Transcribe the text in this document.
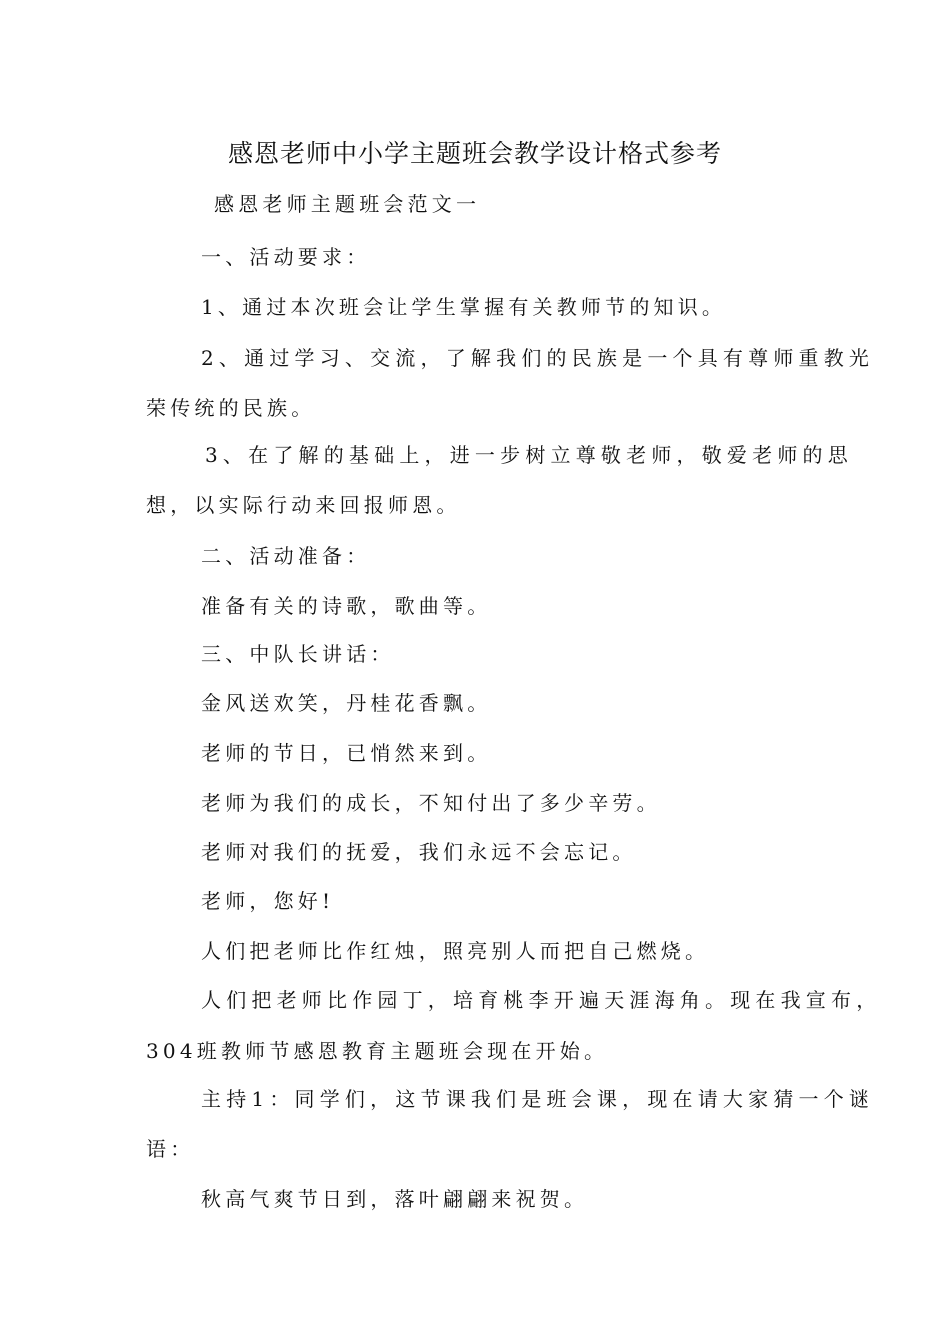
感恩老师中小学主题班会教学设计格式参考
感恩老师主题班会范文一
一、活动要求：
1、通过本次班会让学生掌握有关教师节的知识。
2、通过学习、交流，了解我们的民族是一个具有尊师重教光
荣传统的民族。
3、在了解的基础上，进一步树立尊敬老师，敬爱老师的思
想，以实际行动来回报师恩。
二、活动准备：
准备有关的诗歌，歌曲等。
三、中队长讲话：
金风送欢笑，丹桂花香飘。
老师的节日，已悄然来到。
老师为我们的成长，不知付出了多少辛劳。
老师对我们的抚爱，我们永远不会忘记。
老师，您好!
人们把老师比作红烛，照亮别人而把自己燃烧。
人们把老师比作园丁，培育桃李开遍天涯海角。现在我宣布，
304班教师节感恩教育主题班会现在开始。
主持1：同学们，这节课我们是班会课，现在请大家猜一个谜
语：
秋高气爽节日到，落叶翩翩来祝贺。
